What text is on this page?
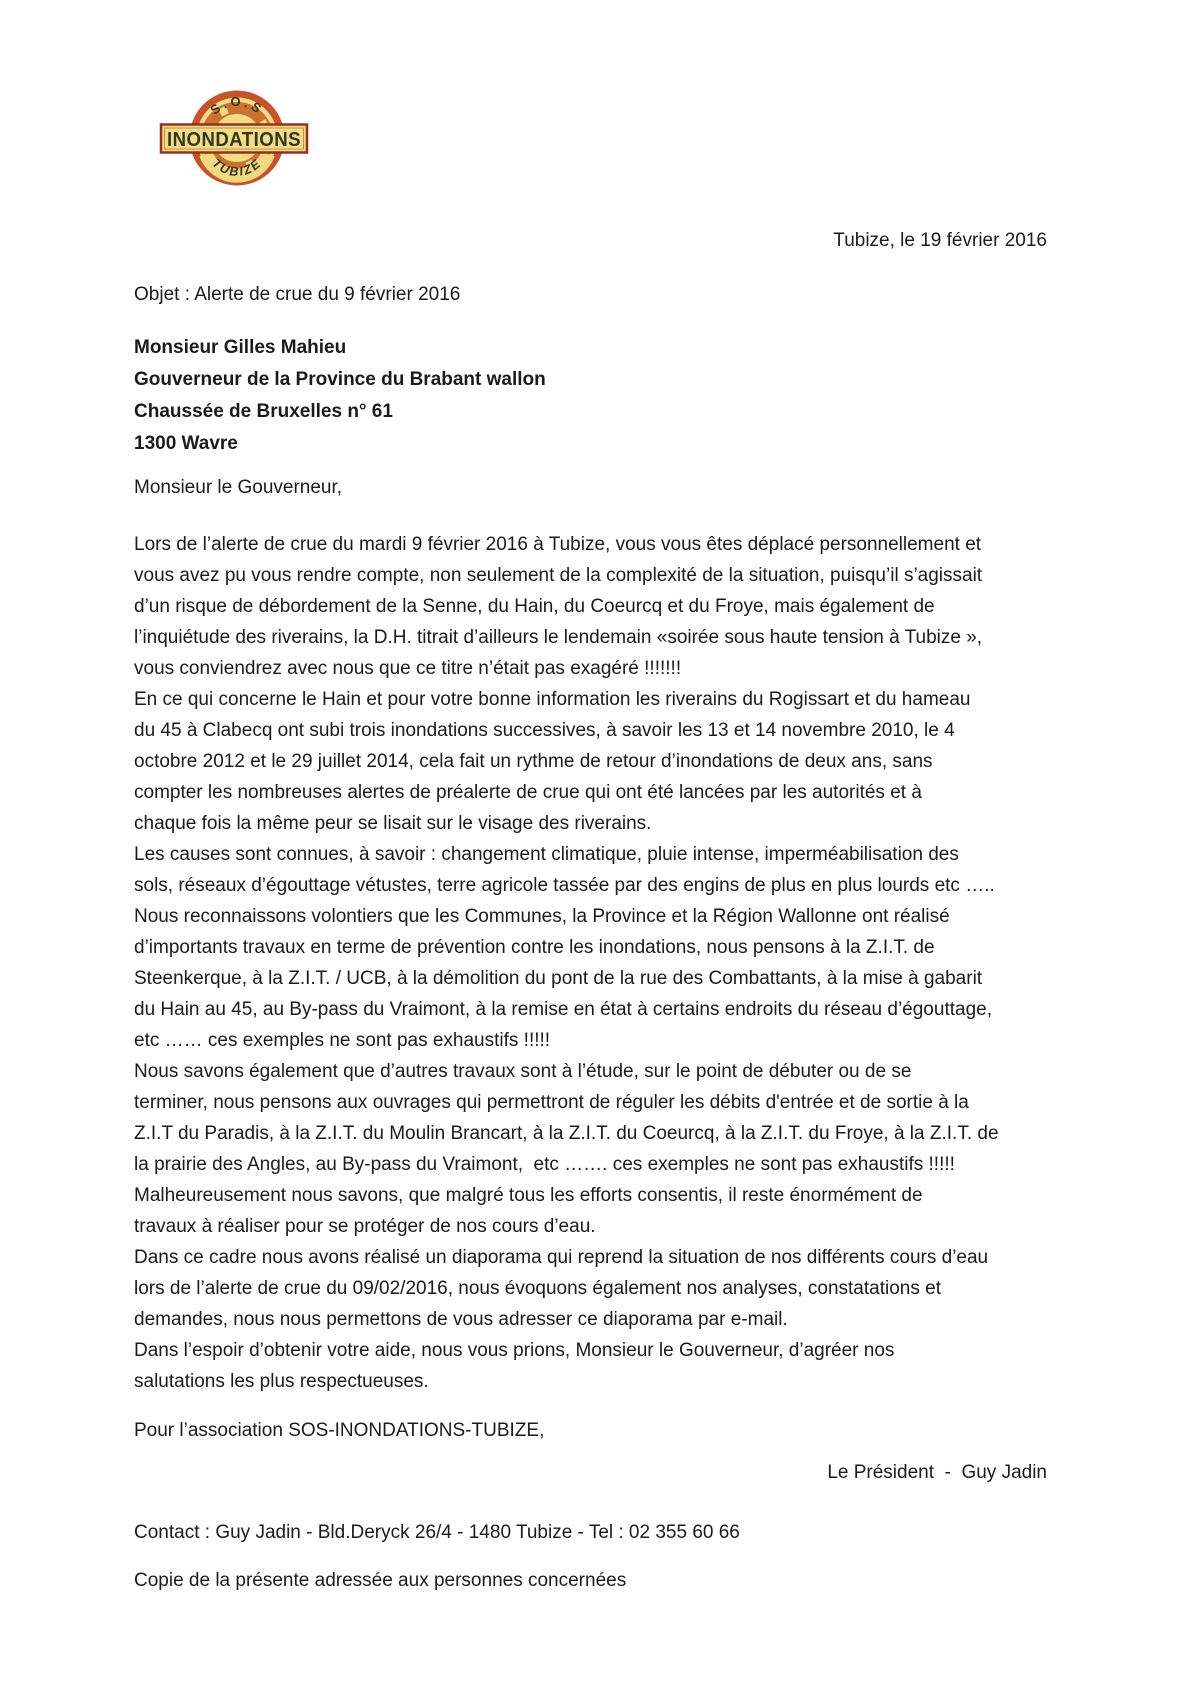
S.O.S
TUBIZE
INONDATIONS
Tubize, le 19 février 2016
Objet : Alerte de crue du 9 février 2016
Monsieur Gilles Mahieu
Gouverneur de la Province du Brabant wallon
Chaussée de Bruxelles n° 61
1300 Wavre
Monsieur le Gouverneur,
Lors de l’alerte de crue du mardi 9 février 2016 à Tubize, vous vous êtes déplacé personnellement et
vous avez pu vous rendre compte, non seulement de la complexité de la situation, puisqu’il s’agissait
d’un risque de débordement de la Senne, du Hain, du Coeurcq et du Froye, mais également de
l’inquiétude des riverains, la D.H. titrait d’ailleurs le lendemain «soirée sous haute tension à Tubize »,
vous conviendrez avec nous que ce titre n’était pas exagéré !!!!!!!
En ce qui concerne le Hain et pour votre bonne information les riverains du Rogissart et du hameau
du 45 à Clabecq ont subi trois inondations successives, à savoir les 13 et 14 novembre 2010, le 4
octobre 2012 et le 29 juillet 2014, cela fait un rythme de retour d’inondations de deux ans, sans
compter les nombreuses alertes de préalerte de crue qui ont été lancées par les autorités et à
chaque fois la même peur se lisait sur le visage des riverains.
Les causes sont connues, à savoir : changement climatique, pluie intense, imperméabilisation des
sols, réseaux d’égouttage vétustes, terre agricole tassée par des engins de plus en plus lourds etc …..
Nous reconnaissons volontiers que les Communes, la Province et la Région Wallonne ont réalisé
d’importants travaux en terme de prévention contre les inondations, nous pensons à la Z.I.T. de
Steenkerque, à la Z.I.T. / UCB, à la démolition du pont de la rue des Combattants, à la mise à gabarit
du Hain au 45, au By-pass du Vraimont, à la remise en état à certains endroits du réseau d’égouttage,
etc …… ces exemples ne sont pas exhaustifs !!!!!
Nous savons également que d’autres travaux sont à l’étude, sur le point de débuter ou de se
terminer, nous pensons aux ouvrages qui permettront de réguler les débits d'entrée et de sortie à la
Z.I.T du Paradis, à la Z.I.T. du Moulin Brancart, à la Z.I.T. du Coeurcq, à la Z.I.T. du Froye, à la Z.I.T. de
la prairie des Angles, au By-pass du Vraimont,  etc ……. ces exemples ne sont pas exhaustifs !!!!!
Malheureusement nous savons, que malgré tous les efforts consentis, il reste énormément de
travaux à réaliser pour se protéger de nos cours d’eau.
Dans ce cadre nous avons réalisé un diaporama qui reprend la situation de nos différents cours d’eau
lors de l’alerte de crue du 09/02/2016, nous évoquons également nos analyses, constatations et
demandes, nous nous permettons de vous adresser ce diaporama par e-mail.
Dans l’espoir d’obtenir votre aide, nous vous prions, Monsieur le Gouverneur, d’agréer nos
salutations les plus respectueuses.
Pour l’association SOS-INONDATIONS-TUBIZE,
Le Président  -  Guy Jadin
Contact : Guy Jadin - Bld.Deryck 26/4 - 1480 Tubize - Tel : 02 355 60 66
Copie de la présente adressée aux personnes concernées
